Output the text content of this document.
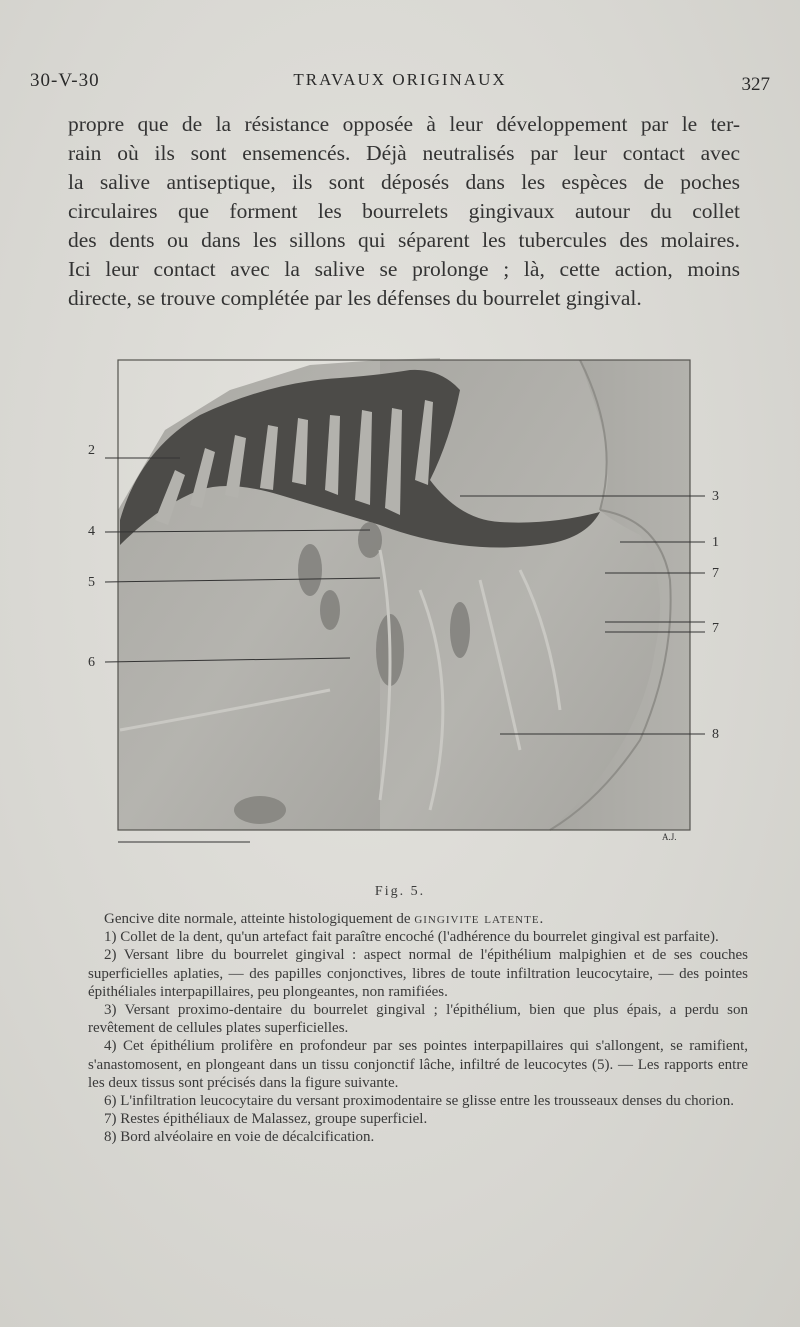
30-V-30	TRAVAUX ORIGINAUX	327
propre que de la résistance opposée à leur développement par le ter-
rain où ils sont ensemencés. Déjà neutralisés par leur contact avec
la salive antiseptique, ils sont déposés dans les espèces de poches
circulaires que forment les bourrelets gingivaux autour du collet
des dents ou dans les sillons qui séparent les tubercules des molaires.
Ici leur contact avec la salive se prolonge ; là, cette action, moins
directe, se trouve complétée par les défenses du bourrelet gingival.
2
4
5
6
3
1
7
7
8
A.J.
Fig. 5.

Gencive dite normale, atteinte histologiquement de gingivite latente.

1) Collet de la dent, qu'un artefact fait paraître encoché (l'adhérence du bourrelet gingival est parfaite).

2) Versant libre du bourrelet gingival : aspect normal de l'épithélium malpighien et de ses couches superficielles aplaties, — des papilles conjonctives, libres de toute infiltration leucocytaire, — des pointes épithéliales interpapillaires, peu plongeantes, non ramifiées.

3) Versant proximo-dentaire du bourrelet gingival ; l'épithélium, bien que plus épais, a perdu son revêtement de cellules plates superficielles.

4) Cet épithélium prolifère en profondeur par ses pointes interpapillaires qui s'allongent, se ramifient, s'anastomosent, en plongeant dans un tissu conjonctif lâche, infiltré de leucocytes (5). — Les rapports entre les deux tissus sont précisés dans la figure suivante.

6) L'infiltration leucocytaire du versant proximodentaire se glisse entre les trousseaux denses du chorion.

7) Restes épithéliaux de Malassez, groupe superficiel.

8) Bord alvéolaire en voie de décalcification.
